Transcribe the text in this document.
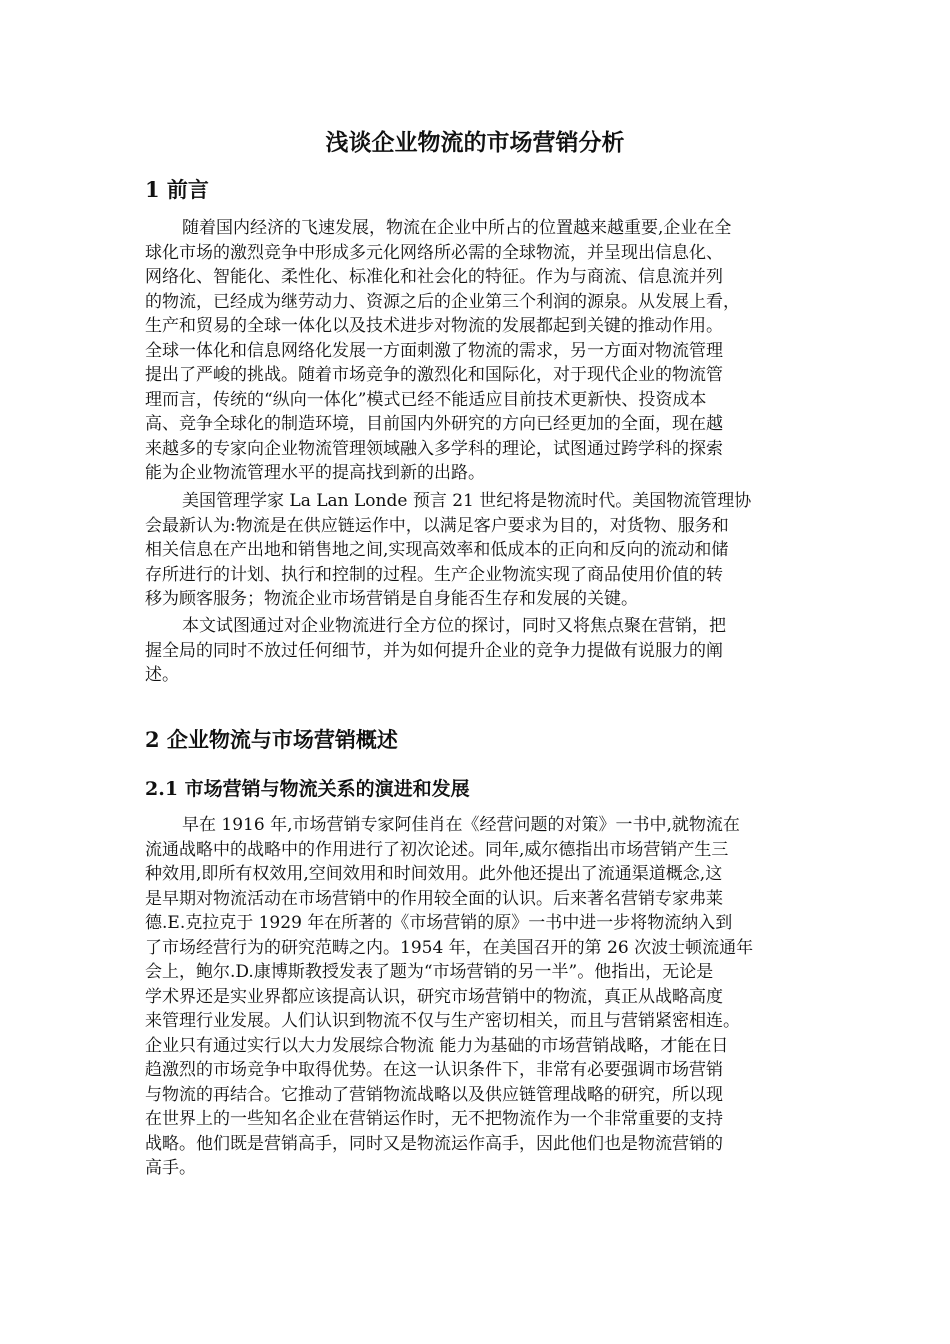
浅谈企业物流的市场营销分析
1 前言
随着国内经济的飞速发展，物流在企业中所占的位置越来越重要,企业在全
球化市场的激烈竞争中形成多元化网络所必需的全球物流，并呈现出信息化、
网络化、智能化、柔性化、标准化和社会化的特征。作为与商流、信息流并列
的物流，已经成为继劳动力、资源之后的企业第三个利润的源泉。从发展上看，
生产和贸易的全球一体化以及技术进步对物流的发展都起到关键的推动作用。
全球一体化和信息网络化发展一方面刺激了物流的需求，另一方面对物流管理
提出了严峻的挑战。随着市场竞争的激烈化和国际化，对于现代企业的物流管
理而言，传统的“纵向一体化”模式已经不能适应目前技术更新快、投资成本
高、竞争全球化的制造环境，目前国内外研究的方向已经更加的全面，现在越
来越多的专家向企业物流管理领域融入多学科的理论，试图通过跨学科的探索
能为企业物流管理水平的提高找到新的出路。
美国管理学家 La Lan Londe 预言 21 世纪将是物流时代。美国物流管理协
会最新认为:物流是在供应链运作中，以满足客户要求为目的，对货物、服务和
相关信息在产出地和销售地之间,实现高效率和低成本的正向和反向的流动和储
存所进行的计划、执行和控制的过程。生产企业物流实现了商品使用价值的转
移为顾客服务；物流企业市场营销是自身能否生存和发展的关键。
本文试图通过对企业物流进行全方位的探讨，同时又将焦点聚在营销，把
握全局的同时不放过任何细节，并为如何提升企业的竞争力提做有说服力的阐
述。
2 企业物流与市场营销概述
2.1 市场营销与物流关系的演进和发展
早在 1916 年,市场营销专家阿佳肖在《经营问题的对策》一书中,就物流在
流通战略中的战略中的作用进行了初次论述。同年,威尔德指出市场营销产生三
种效用,即所有权效用,空间效用和时间效用。此外他还提出了流通渠道概念,这
是早期对物流活动在市场营销中的作用较全面的认识。后来著名营销专家弗莱
德.E.克拉克于 1929 年在所著的《市场营销的原》一书中进一步将物流纳入到
了市场经营行为的研究范畴之内。1954 年，在美国召开的第 26 次波士顿流通年
会上，鲍尔.D.康博斯教授发表了题为“市场营销的另一半”。他指出，无论是
学术界还是实业界都应该提高认识，研究市场营销中的物流，真正从战略高度
来管理行业发展。人们认识到物流不仅与生产密切相关，而且与营销紧密相连。
企业只有通过实行以大力发展综合物流 能力为基础的市场营销战略，才能在日
趋激烈的市场竞争中取得优势。在这一认识条件下，非常有必要强调市场营销
与物流的再结合。它推动了营销物流战略以及供应链管理战略的研究，所以现
在世界上的一些知名企业在营销运作时，无不把物流作为一个非常重要的支持
战略。他们既是营销高手，同时又是物流运作高手，因此他们也是物流营销的
高手。
